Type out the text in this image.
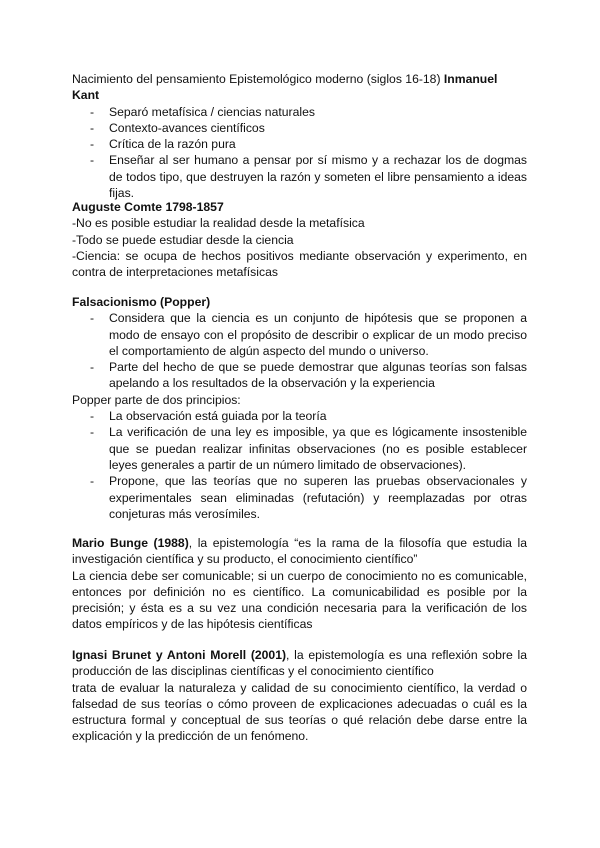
Nacimiento del pensamiento Epistemológico moderno (siglos 16-18) Inmanuel Kant

- Separó metafísica / ciencias naturales
- Contexto-avances científicos
- Crítica de la razón pura
- Enseñar al ser humano a pensar por sí mismo y a rechazar los de dogmas de todos tipo, que destruyen la razón y someten el libre pensamiento a ideas fijas.

Auguste Comte 1798-1857

-No es posible estudiar la realidad desde la metafísica

-Todo se puede estudiar desde la ciencia

-Ciencia: se ocupa de hechos positivos mediante observación y experimento, en contra de interpretaciones metafísicas

Falsacionismo (Popper)

- Considera que la ciencia es un conjunto de hipótesis que se proponen a modo de ensayo con el propósito de describir o explicar de un modo preciso el comportamiento de algún aspecto del mundo o universo.
- Parte del hecho de que se puede demostrar que algunas teorías son falsas apelando a los resultados de la observación y la experiencia

Popper parte de dos principios:

- La observación está guiada por la teoría
- La verificación de una ley es imposible, ya que es lógicamente insostenible que se puedan realizar infinitas observaciones (no es posible establecer leyes generales a partir de un número limitado de observaciones).
- Propone, que las teorías que no superen las pruebas observacionales y experimentales sean eliminadas (refutación) y reemplazadas por otras conjeturas más verosímiles.

Mario Bunge (1988), la epistemología “es la rama de la filosofía que estudia la investigación científica y su producto, el conocimiento científico”

La ciencia debe ser comunicable; si un cuerpo de conocimiento no es comunicable, entonces por definición no es científico. La comunicabilidad es posible por la precisión; y ésta es a su vez una condición necesaria para la verificación de los datos empíricos y de las hipótesis científicas

Ignasi Brunet y Antoni Morell (2001), la epistemología es una reflexión sobre la producción de las disciplinas científicas y el conocimiento científico

trata de evaluar la naturaleza y calidad de su conocimiento científico, la verdad o falsedad de sus teorías o cómo proveen de explicaciones adecuadas o cuál es la estructura formal y conceptual de sus teorías o qué relación debe darse entre la explicación y la predicción de un fenómeno.
